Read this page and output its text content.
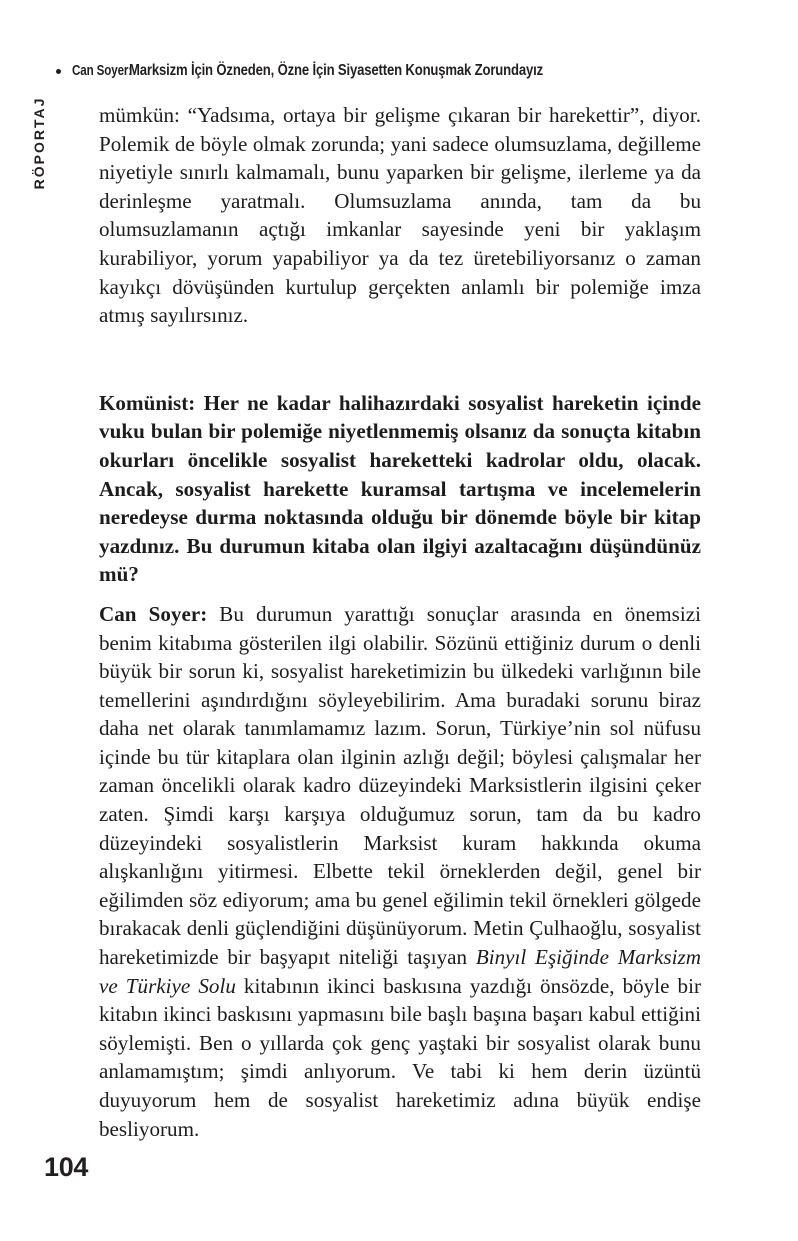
Can Soyer:
Marksizm İçin Özneden, Özne İçin Siyasetten Konuşmak Zorundayız
RÖPORTAJ mümkün: “Yadsıma, ortaya bir gelişme çıkaran bir harekettir”, diyor. Polemik de böyle olmak zorunda; yani sadece olumsuzlama, değilleme niyetiyle sınırlı kalmamalı, bunu yaparken bir gelişme, ilerleme ya da derinleşme yaratmalı. Olumsuzlama anında, tam da bu olumsuzlamanın açtığı imkanlar sayesinde yeni bir yaklaşım kurabiliyor, yorum yapabiliyor ya da tez üretebiliyorsanız o zaman kayıkçı dövüşünden kurtulup gerçekten anlamlı bir polemiğe imza atmış sayılırsınız.

Komünist: Her ne kadar halihazırdaki sosyalist hareketin içinde vuku bulan bir polemiğe niyetlenmemiş olsanız da sonuçta kitabın okurları öncelikle sosyalist hareketteki kadrolar oldu, olacak. Ancak, sosyalist harekette kuramsal tartışma ve incelemelerin neredeyse durma noktasında olduğu bir dönemde böyle bir kitap yazdınız. Bu durumun kitaba olan ilgiyi azaltacağını düşündünüz mü?

Can Soyer: Bu durumun yarattığı sonuçlar arasında en önemsizi benim kitabıma gösterilen ilgi olabilir. Sözünü ettiğiniz durum o denli büyük bir sorun ki, sosyalist hareketimizin bu ülkedeki varlığının bile temellerini aşındırdığını söyleyebilirim. Ama buradaki sorunu biraz daha net olarak tanımlamamız lazım. Sorun, Türkiye’nin sol nüfusu içinde bu tür kitaplara olan ilginin azlığı değil; böylesi çalışmalar her zaman öncelikli olarak kadro düzeyindeki Marksistlerin ilgisini çeker zaten. Şimdi karşı karşıya olduğumuz sorun, tam da bu kadro düzeyindeki sosyalistlerin Marksist kuram hakkında okuma alışkanlığını yitirmesi. Elbette tekil örneklerden değil, genel bir eğilimden söz ediyorum; ama bu genel eğilimin tekil örnekleri gölgede bırakacak denli güçlendiğini düşünüyorum. Metin Çulhaoğlu, sosyalist hareketimizde bir başyapıt niteliği taşıyan Binyıl Eşiğinde Marksizm ve Türkiye Solu kitabının ikinci baskısına yazdığı önsözde, böyle bir kitabın ikinci baskısını yapmasını bile başlı başına başarı kabul ettiğini söylemişti. Ben o yıllarda çok genç yaştaki bir sosyalist olarak bunu anlamamıştım; şimdi anlıyorum. Ve tabi ki hem derin üzüntü duyuyorum hem de sosyalist hareketimiz adına büyük endişe besliyorum.

104
